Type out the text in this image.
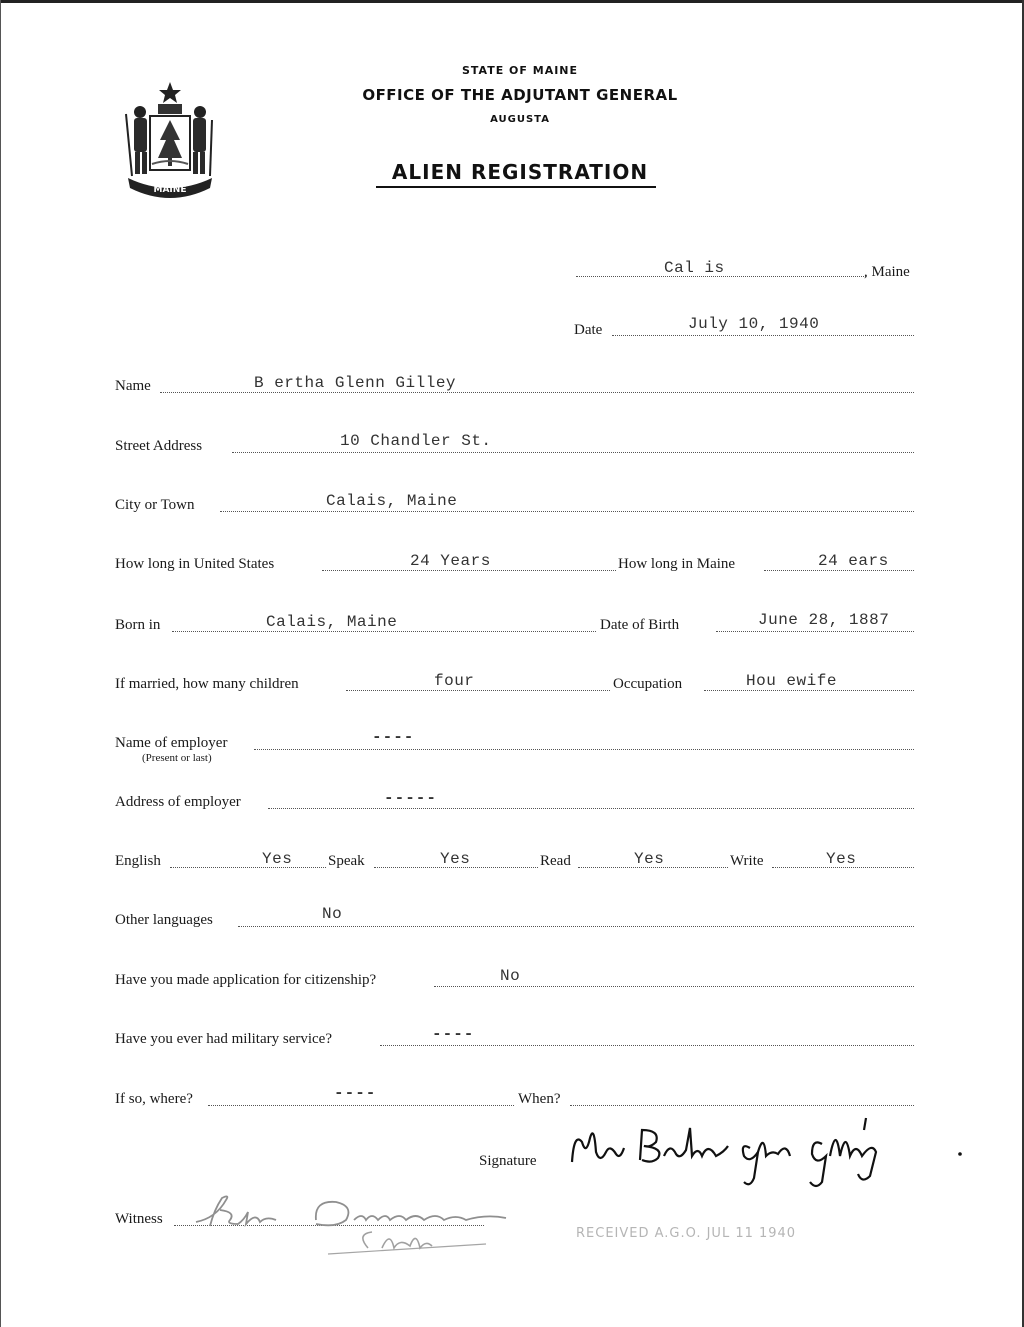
MAINE
STATE OF MAINE
OFFICE OF THE ADJUTANT GENERAL
AUGUSTA
ALIEN REGISTRATION
Cal is	, Maine
Date	July 10, 1940
Name	B ertha Glenn Gilley
Street Address	10 Chandler St.
City or Town	Calais, Maine
How long in United States	24 Years	How long in Maine	24 ears
Born in	Calais, Maine	Date of Birth	June 28, 1887
If married, how many children	four	Occupation	Hou ewife
Name of employer
(Present or last)
----
Address of employer	-----
English	Yes Speak	Yes	Read	Yes	Write	Yes
Other languages	No
Have you made application for citizenship?	No
Have you ever had military service?	----
If so, where?	----	When?
Signature
Mrs Bertha Glen Gilley
Witness
Rita Donovan	Clerk
RECEIVED A.G.O. JUL 11 1940
